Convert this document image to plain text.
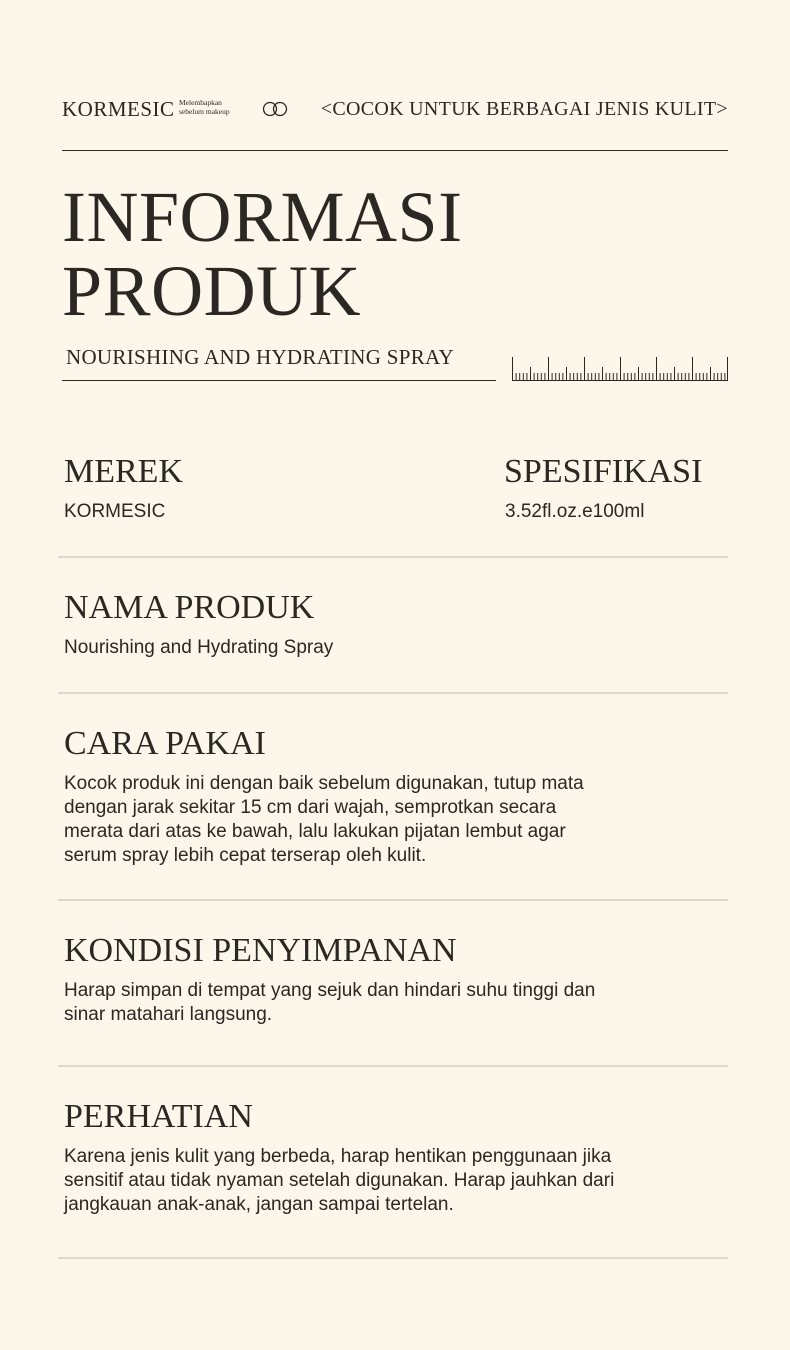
KORMESIC Melembapkan
sebelum makeup	<COCOK UNTUK BERBAGAI JENIS KULIT>
INFORMASI
PRODUK
NOURISHING AND HYDRATING SPRAY
MEREK
KORMESIC
SPESIFIKASI
3.52fl.oz.e100ml
NAMA PRODUK
Nourishing and Hydrating Spray
CARA PAKAI
Kocok produk ini dengan baik sebelum digunakan, tutup mata
dengan jarak sekitar 15 cm dari wajah, semprotkan secara
merata dari atas ke bawah, lalu lakukan pijatan lembut agar
serum spray lebih cepat terserap oleh kulit.
KONDISI PENYIMPANAN
Harap simpan di tempat yang sejuk dan hindari suhu tinggi dan
sinar matahari langsung.
PERHATIAN
Karena jenis kulit yang berbeda, harap hentikan penggunaan jika
sensitif atau tidak nyaman setelah digunakan. Harap jauhkan dari
jangkauan anak-anak, jangan sampai tertelan.
